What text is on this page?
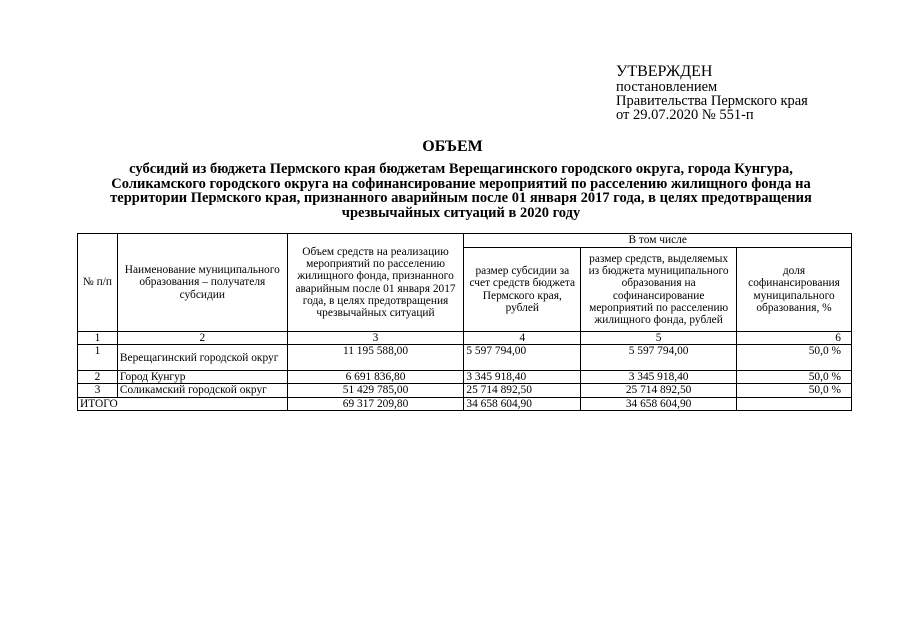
УТВЕРЖДЕН
постановлением
Правительства Пермского края
от 29.07.2020 № 551-п
ОБЪЕМ
субсидий из бюджета Пермского края бюджетам Верещагинского городского округа, города Кунгура, Соликамского городского округа на софинансирование мероприятий по расселению жилищного фонда на территории Пермского края, признанного аварийным после 01 января 2017 года, в целях предотвращения чрезвычайных ситуаций в 2020 году
№ п/п	Наименование муниципального образования – получателя субсидии	Объем средств на реализацию мероприятий по расселению жилищного фонда, признанного аварийным после 01 января 2017 года, в целях предотвращения чрезвычайных ситуаций	В том числе		
			размер субсидии за счет средств бюджета Пермского края, рублей	размер средств, выделяемых из бюджета муниципального образования на софинансирование мероприятий по расселению жилищного фонда, рублей	доля софинансирования муниципального образования, %
1	2	3	4	5	6
1	Верещагинский городской округ	11 195 588,00	5 597 794,00	5 597 794,00	50,0 %
2	Город Кунгур	6 691 836,80	3 345 918,40	3 345 918,40	50,0 %
3	Соликамский городской округ	51 429 785,00	25 714 892,50	25 714 892,50	50,0 %
ИТОГО		69 317 209,80	34 658 604,90	34 658 604,90	
